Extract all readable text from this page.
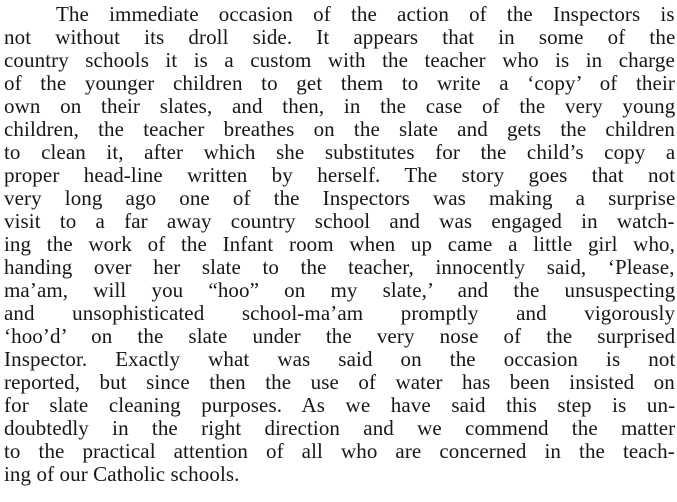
The immediate occasion of the action of the Inspectors is
not without its droll side. It appears that in some of the
country schools it is a custom with the teacher who is in charge
of the younger children to get them to write a ‘copy’ of their
own on their slates, and then, in the case of the very young
children, the teacher breathes on the slate and gets the children
to clean it, after which she substitutes for the child’s copy a
proper head-line written by herself. The story goes that not
very long ago one of the Inspectors was making a surprise
visit to a far away country school and was engaged in watch-
ing the work of the Infant room when up came a little girl who,
handing over her slate to the teacher, innocently said, ‘Please,
ma’am, will you “hoo” on my slate,’ and the unsuspecting
and unsophisticated school-ma’am promptly and vigorously
‘hoo’d’ on the slate under the very nose of the surprised
Inspector. Exactly what was said on the occasion is not
reported, but since then the use of water has been insisted on
for slate cleaning purposes. As we have said this step is un-
doubtedly in the right direction and we commend the matter
to the practical attention of all who are concerned in the teach-
ing of our Catholic schools.
